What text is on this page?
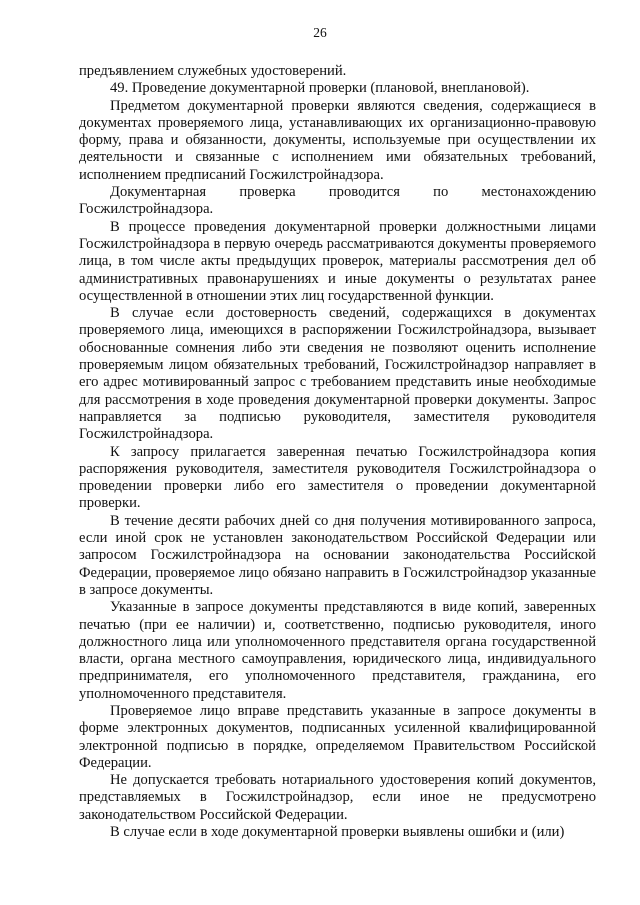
26

предъявлением служебных удостоверений.

49. Проведение документарной проверки (плановой, внеплановой).

Предметом документарной проверки являются сведения, содержащиеся в документах проверяемого лица, устанавливающих их организационно-правовую форму, права и обязанности, документы, используемые при осуществлении их деятельности и связанные с исполнением ими обязательных требований, исполнением предписаний Госжилстройнадзора.

Документарная проверка проводится по местонахождению Госжилстройнадзора.

В процессе проведения документарной проверки должностными лицами Госжилстройнадзора в первую очередь рассматриваются документы проверяемого лица, в том числе акты предыдущих проверок, материалы рассмотрения дел об административных правонарушениях и иные документы о результатах ранее осуществленной в отношении этих лиц государственной функции.

В случае если достоверность сведений, содержащихся в документах проверяемого лица, имеющихся в распоряжении Госжилстройнадзора, вызывает обоснованные сомнения либо эти сведения не позволяют оценить исполнение проверяемым лицом обязательных требований, Госжилстройнадзор направляет в его адрес мотивированный запрос с требованием представить иные необходимые для рассмотрения в ходе проведения документарной проверки документы. Запрос направляется за подписью руководителя, заместителя руководителя Госжилстройнадзора.

К запросу прилагается заверенная печатью Госжилстройнадзора копия распоряжения руководителя, заместителя руководителя Госжилстройнадзора о проведении проверки либо его заместителя о проведении документарной проверки.

В течение десяти рабочих дней со дня получения мотивированного запроса, если иной срок не установлен законодательством Российской Федерации или запросом Госжилстройнадзора на основании законодательства Российской Федерации, проверяемое лицо обязано направить в Госжилстройнадзор указанные в запросе документы.

Указанные в запросе документы представляются в виде копий, заверенных печатью (при ее наличии) и, соответственно, подписью руководителя, иного должностного лица или уполномоченного представителя органа государственной власти, органа местного самоуправления, юридического лица, индивидуального предпринимателя, его уполномоченного представителя, гражданина, его уполномоченного представителя.

Проверяемое лицо вправе представить указанные в запросе документы в форме электронных документов, подписанных усиленной квалифицированной электронной подписью в порядке, определяемом Правительством Российской Федерации.

Не допускается требовать нотариального удостоверения копий документов, представляемых в Госжилстройнадзор, если иное не предусмотрено законодательством Российской Федерации.

В случае если в ходе документарной проверки выявлены ошибки и (или)
